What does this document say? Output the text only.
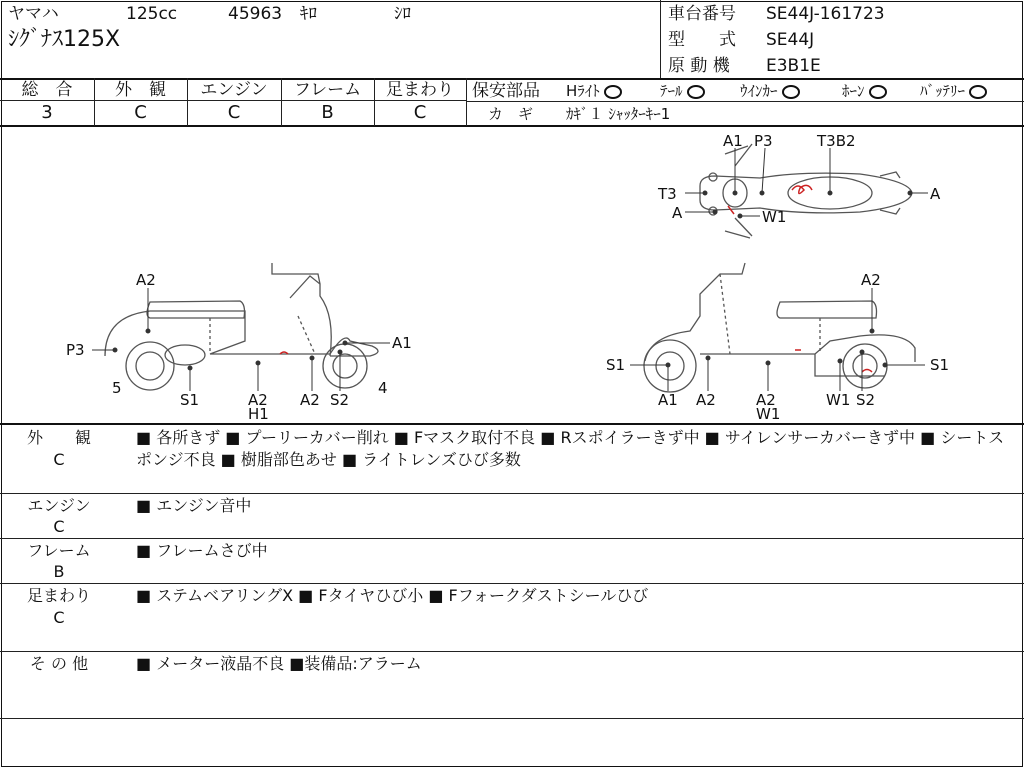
ヤマハ	125cc	45963 ｷﾛ	ｼﾛ
ｼｸﾞﾅｽ125X
車台番号 SE44J-161723
型　　式 SE44J
原 動 機 E3B1E
総　合
3
外　観
C
エンジン
C
フレーム
B
足まわり
C
保安部品 Hﾗｲﾄ	ﾃｰﾙ	ｳｲﾝｶｰ	ﾎｰﾝ	ﾊﾞｯﾃﾘｰ
カ　ギ ｶｷﾞ１ ｼｬｯﾀｰｷｰ1
A1 P3	T3B2
T3	A
A	W1
A2
P3	A1
5
S1	A2
H1
A2 S2
4
A2
S1	S1
A1 A2	A2
W1
W1 S2
外　　観
C
■ 各所きず ■ プーリーカバー削れ ■ Fマスク取付不良 ■ Rスポイラーきず中 ■ サイレンサーカバーきず中 ■ シートスポンジ不良 ■ 樹脂部色あせ ■ ライトレンズひび多数
エンジン
C
■ エンジン音中
フレーム
B
■ フレームさび中
足まわり
C
■ ステムベアリングX ■ Fタイヤひび小 ■ Fフォークダストシールひび
そ の 他	■ メーター液晶不良 ■装備品:アラーム
